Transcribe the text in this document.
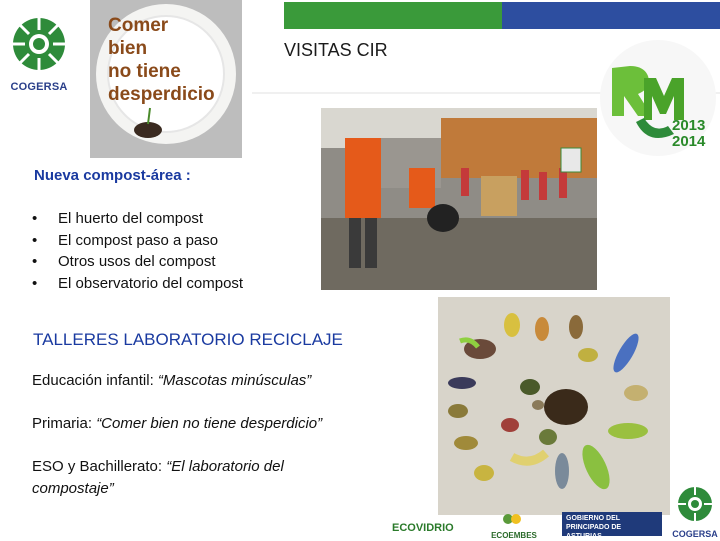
VISITAS CIR
COGERSA
Comer
bien
no tiene
desperdicio
2013
2014
Nueva compost-área :
• El huerto del compost
• El compost paso a paso
• Otros usos del compost
• El observatorio del compost
TALLERES LABORATORIO RECICLAJE
Educación infantil: “Mascotas minúsculas”
Primaria: “Comer bien no tiene desperdicio”
ESO y Bachillerato: “El laboratorio del
compostaje”
COGERSA
ECOVIDRIO
ECOEMBES
GOBIERNO DEL
PRINCIPADO DE ASTURIAS
